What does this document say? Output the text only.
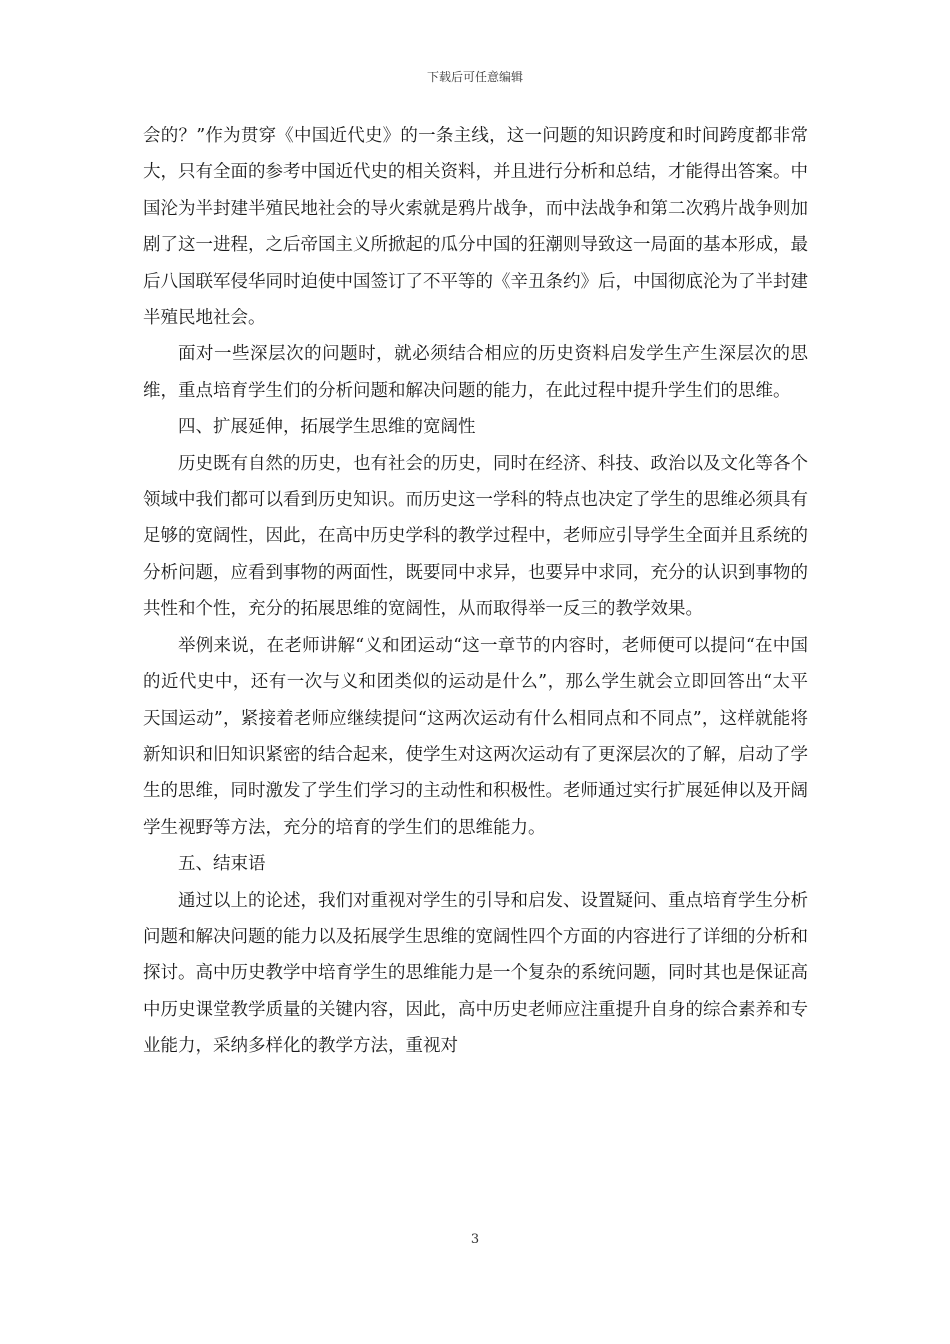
下载后可任意编辑

会的？”作为贯穿《中国近代史》的一条主线，这一问题的知识跨度和时间跨度都非常大，只有全面的参考中国近代史的相关资料，并且进行分析和总结，才能得出答案。中国沦为半封建半殖民地社会的导火索就是鸦片战争，而中法战争和第二次鸦片战争则加剧了这一进程，之后帝国主义所掀起的瓜分中国的狂潮则导致这一局面的基本形成，最后八国联军侵华同时迫使中国签订了不平等的《辛丑条约》后，中国彻底沦为了半封建半殖民地社会。

面对一些深层次的问题时，就必须结合相应的历史资料启发学生产生深层次的思维，重点培育学生们的分析问题和解决问题的能力，在此过程中提升学生们的思维。

四、扩展延伸，拓展学生思维的宽阔性

历史既有自然的历史，也有社会的历史，同时在经济、科技、政治以及文化等各个领域中我们都可以看到历史知识。而历史这一学科的特点也决定了学生的思维必须具有足够的宽阔性，因此，在高中历史学科的教学过程中，老师应引导学生全面并且系统的分析问题，应看到事物的两面性，既要同中求异，也要异中求同，充分的认识到事物的共性和个性，充分的拓展思维的宽阔性，从而取得举一反三的教学效果。

举例来说，在老师讲解“义和团运动“这一章节的内容时，老师便可以提问“在中国的近代史中，还有一次与义和团类似的运动是什么”，那么学生就会立即回答出“太平天国运动”，紧接着老师应继续提问“这两次运动有什么相同点和不同点”，这样就能将新知识和旧知识紧密的结合起来，使学生对这两次运动有了更深层次的了解，启动了学生的思维，同时激发了学生们学习的主动性和积极性。老师通过实行扩展延伸以及开阔学生视野等方法，充分的培育的学生们的思维能力。

五、结束语

通过以上的论述，我们对重视对学生的引导和启发、设置疑问、重点培育学生分析问题和解决问题的能力以及拓展学生思维的宽阔性四个方面的内容进行了详细的分析和探讨。高中历史教学中培育学生的思维能力是一个复杂的系统问题，同时其也是保证高中历史课堂教学质量的关键内容，因此，高中历史老师应注重提升自身的综合素养和专业能力，采纳多样化的教学方法，重视对

3
